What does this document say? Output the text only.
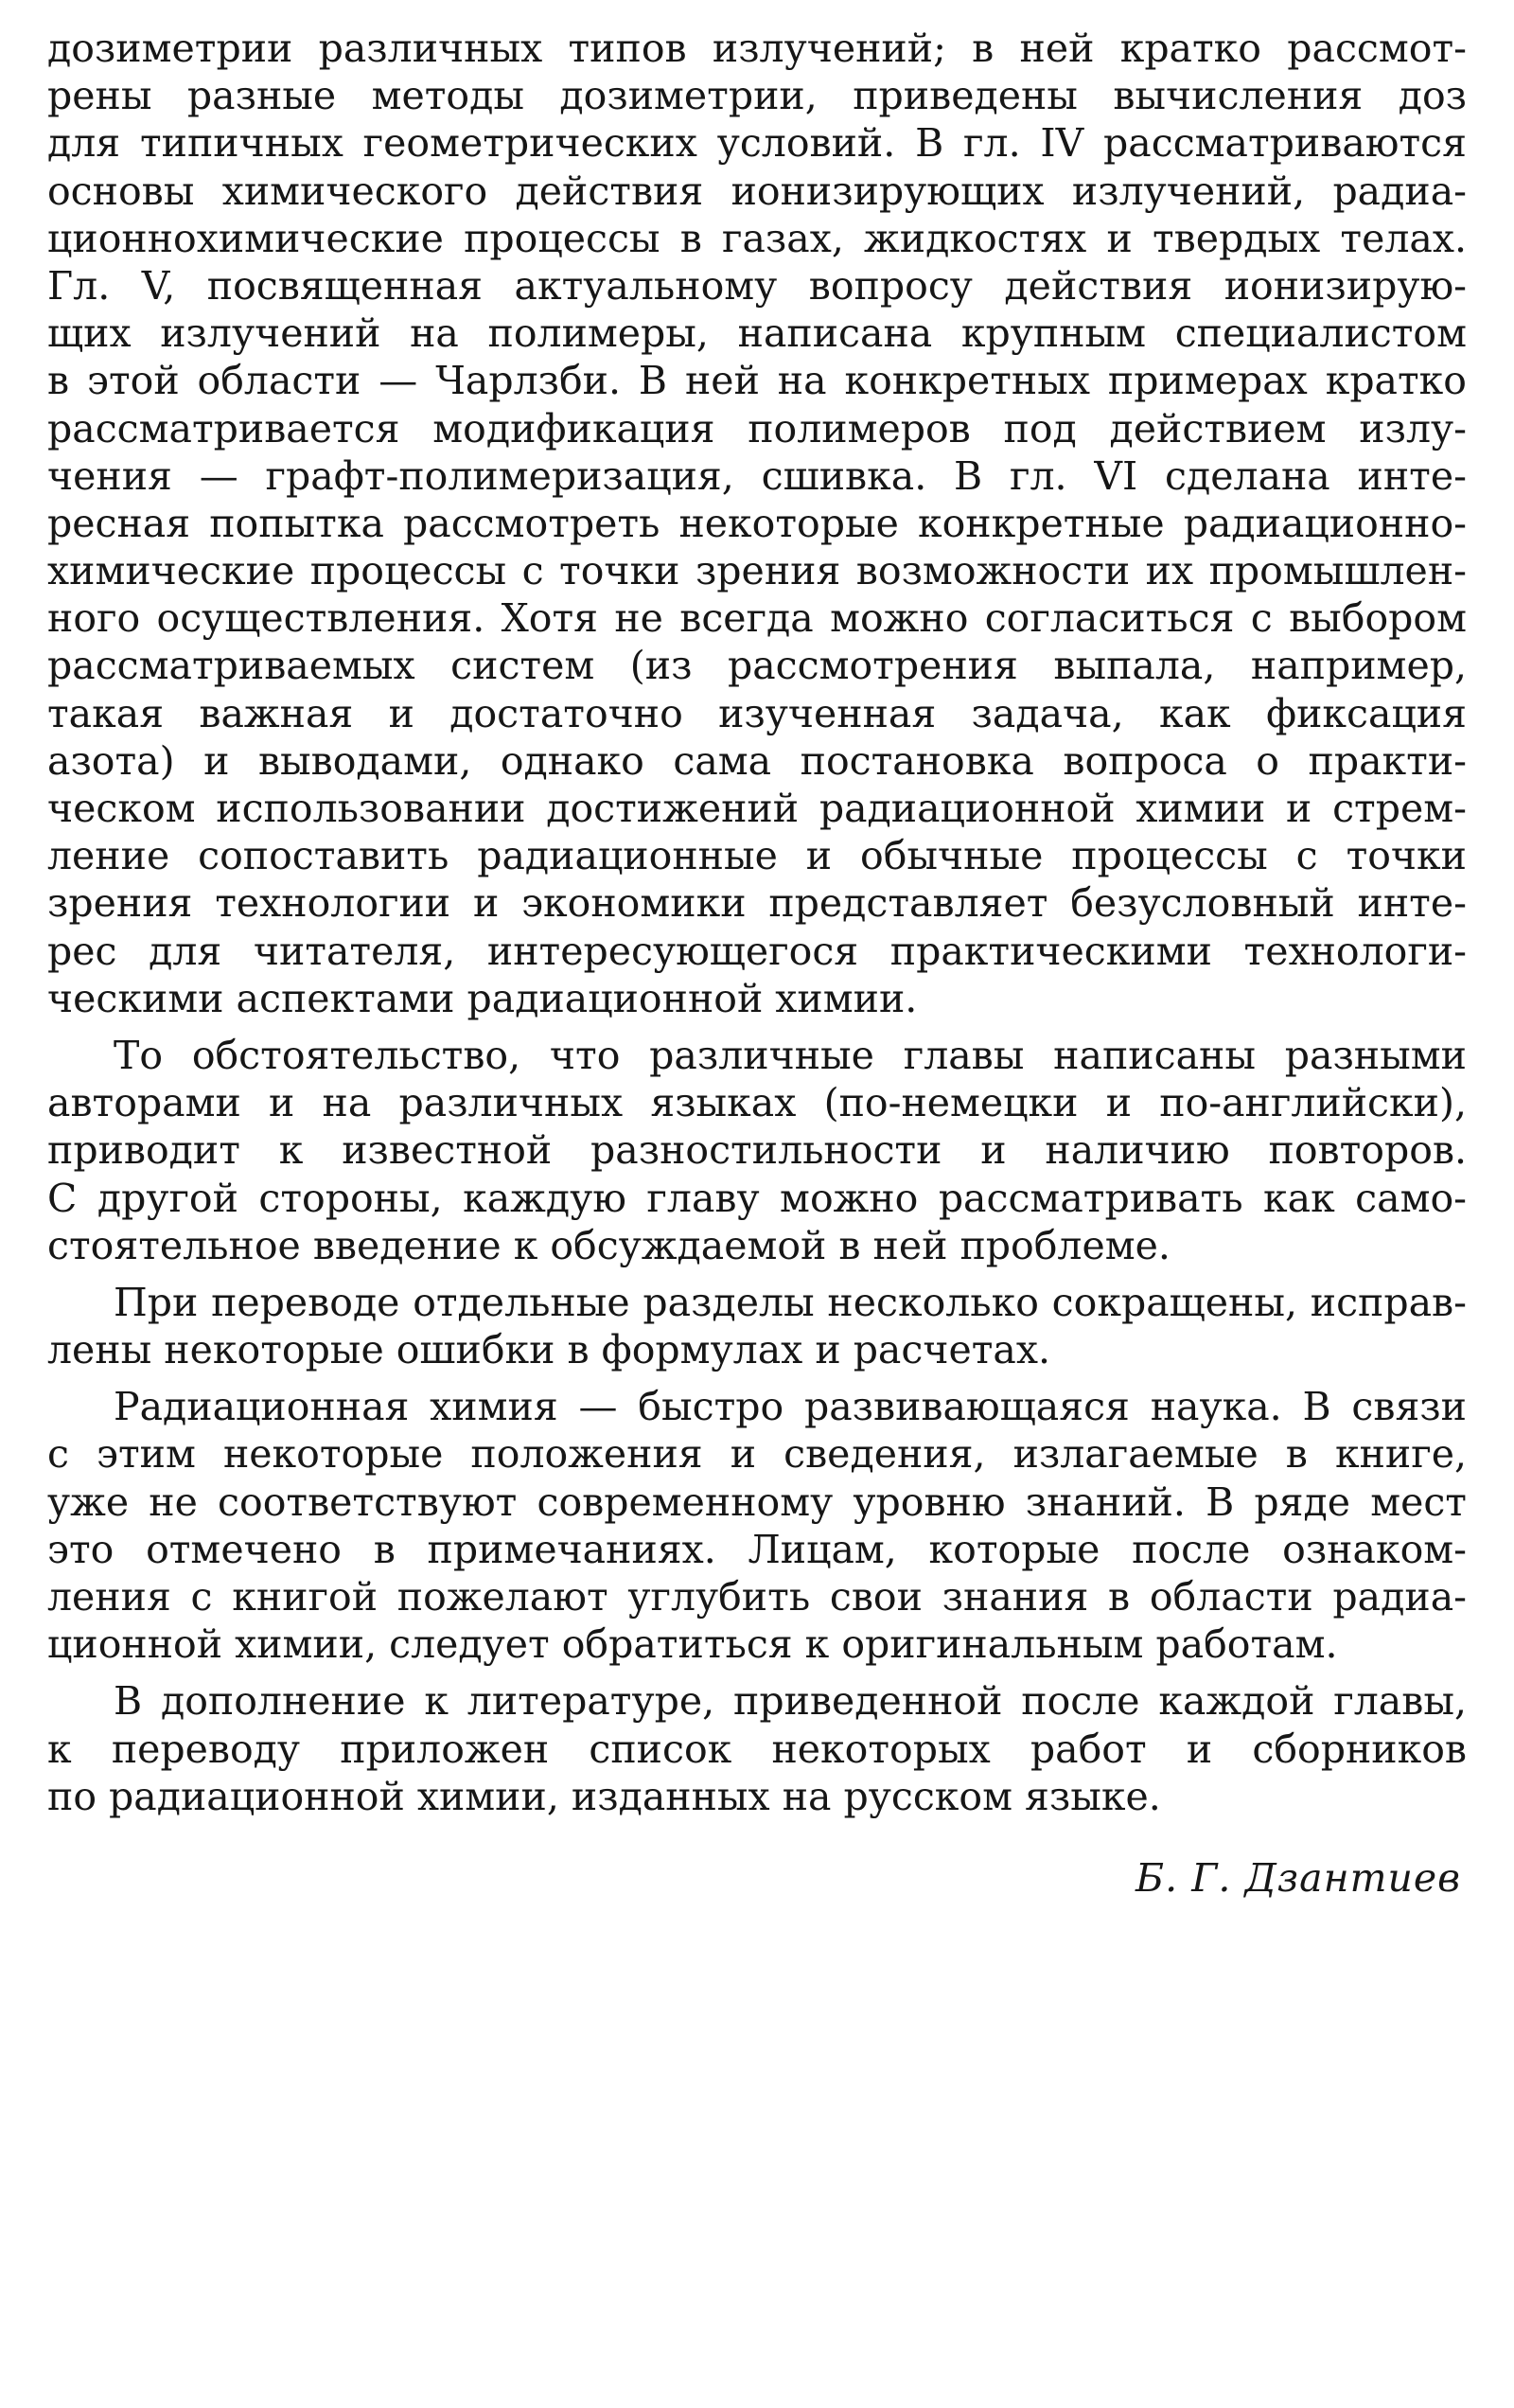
дозиметрии различных типов излучений; в ней кратко рассмот-
рены разные методы дозиметрии, приведены вычисления доз
для типичных геометрических условий. В гл. IV рассматриваются
основы химического действия ионизирующих излучений, радиа-
ционнохимические процессы в газах, жидкостях и твердых телах.
Гл. V, посвященная актуальному вопросу действия ионизирую-
щих излучений на полимеры, написана крупным специалистом
в этой области — Чарлзби. В ней на конкретных примерах кратко
рассматривается модификация полимеров под действием излу-
чения — графт-полимеризация, сшивка. В гл. VI сделана инте-
ресная попытка рассмотреть некоторые конкретные радиационно-
химические процессы с точки зрения возможности их промышлен-
ного осуществления. Хотя не всегда можно согласиться с выбором
рассматриваемых систем (из рассмотрения выпала, например,
такая важная и достаточно изученная задача, как фиксация
азота) и выводами, однако сама постановка вопроса о практи-
ческом использовании достижений радиационной химии и стрем-
ление сопоставить радиационные и обычные процессы с точки
зрения технологии и экономики представляет безусловный инте-
рес для читателя, интересующегося практическими технологи-
ческими аспектами радиационной химии.
То обстоятельство, что различные главы написаны разными
авторами и на различных языках (по-немецки и по-английски),
приводит к известной разностильности и наличию повторов.
С другой стороны, каждую главу можно рассматривать как само-
стоятельное введение к обсуждаемой в ней проблеме.
При переводе отдельные разделы несколько сокращены, исправ-
лены некоторые ошибки в формулах и расчетах.
Радиационная химия — быстро развивающаяся наука. В связи
с этим некоторые положения и сведения, излагаемые в книге,
уже не соответствуют современному уровню знаний. В ряде мест
это отмечено в примечаниях. Лицам, которые после ознаком-
ления с книгой пожелают углубить свои знания в области радиа-
ционной химии, следует обратиться к оригинальным работам.
В дополнение к литературе, приведенной после каждой главы,
к переводу приложен список некоторых работ и сборников
по радиационной химии, изданных на русском языке.
Б. Г. Дзантиев
